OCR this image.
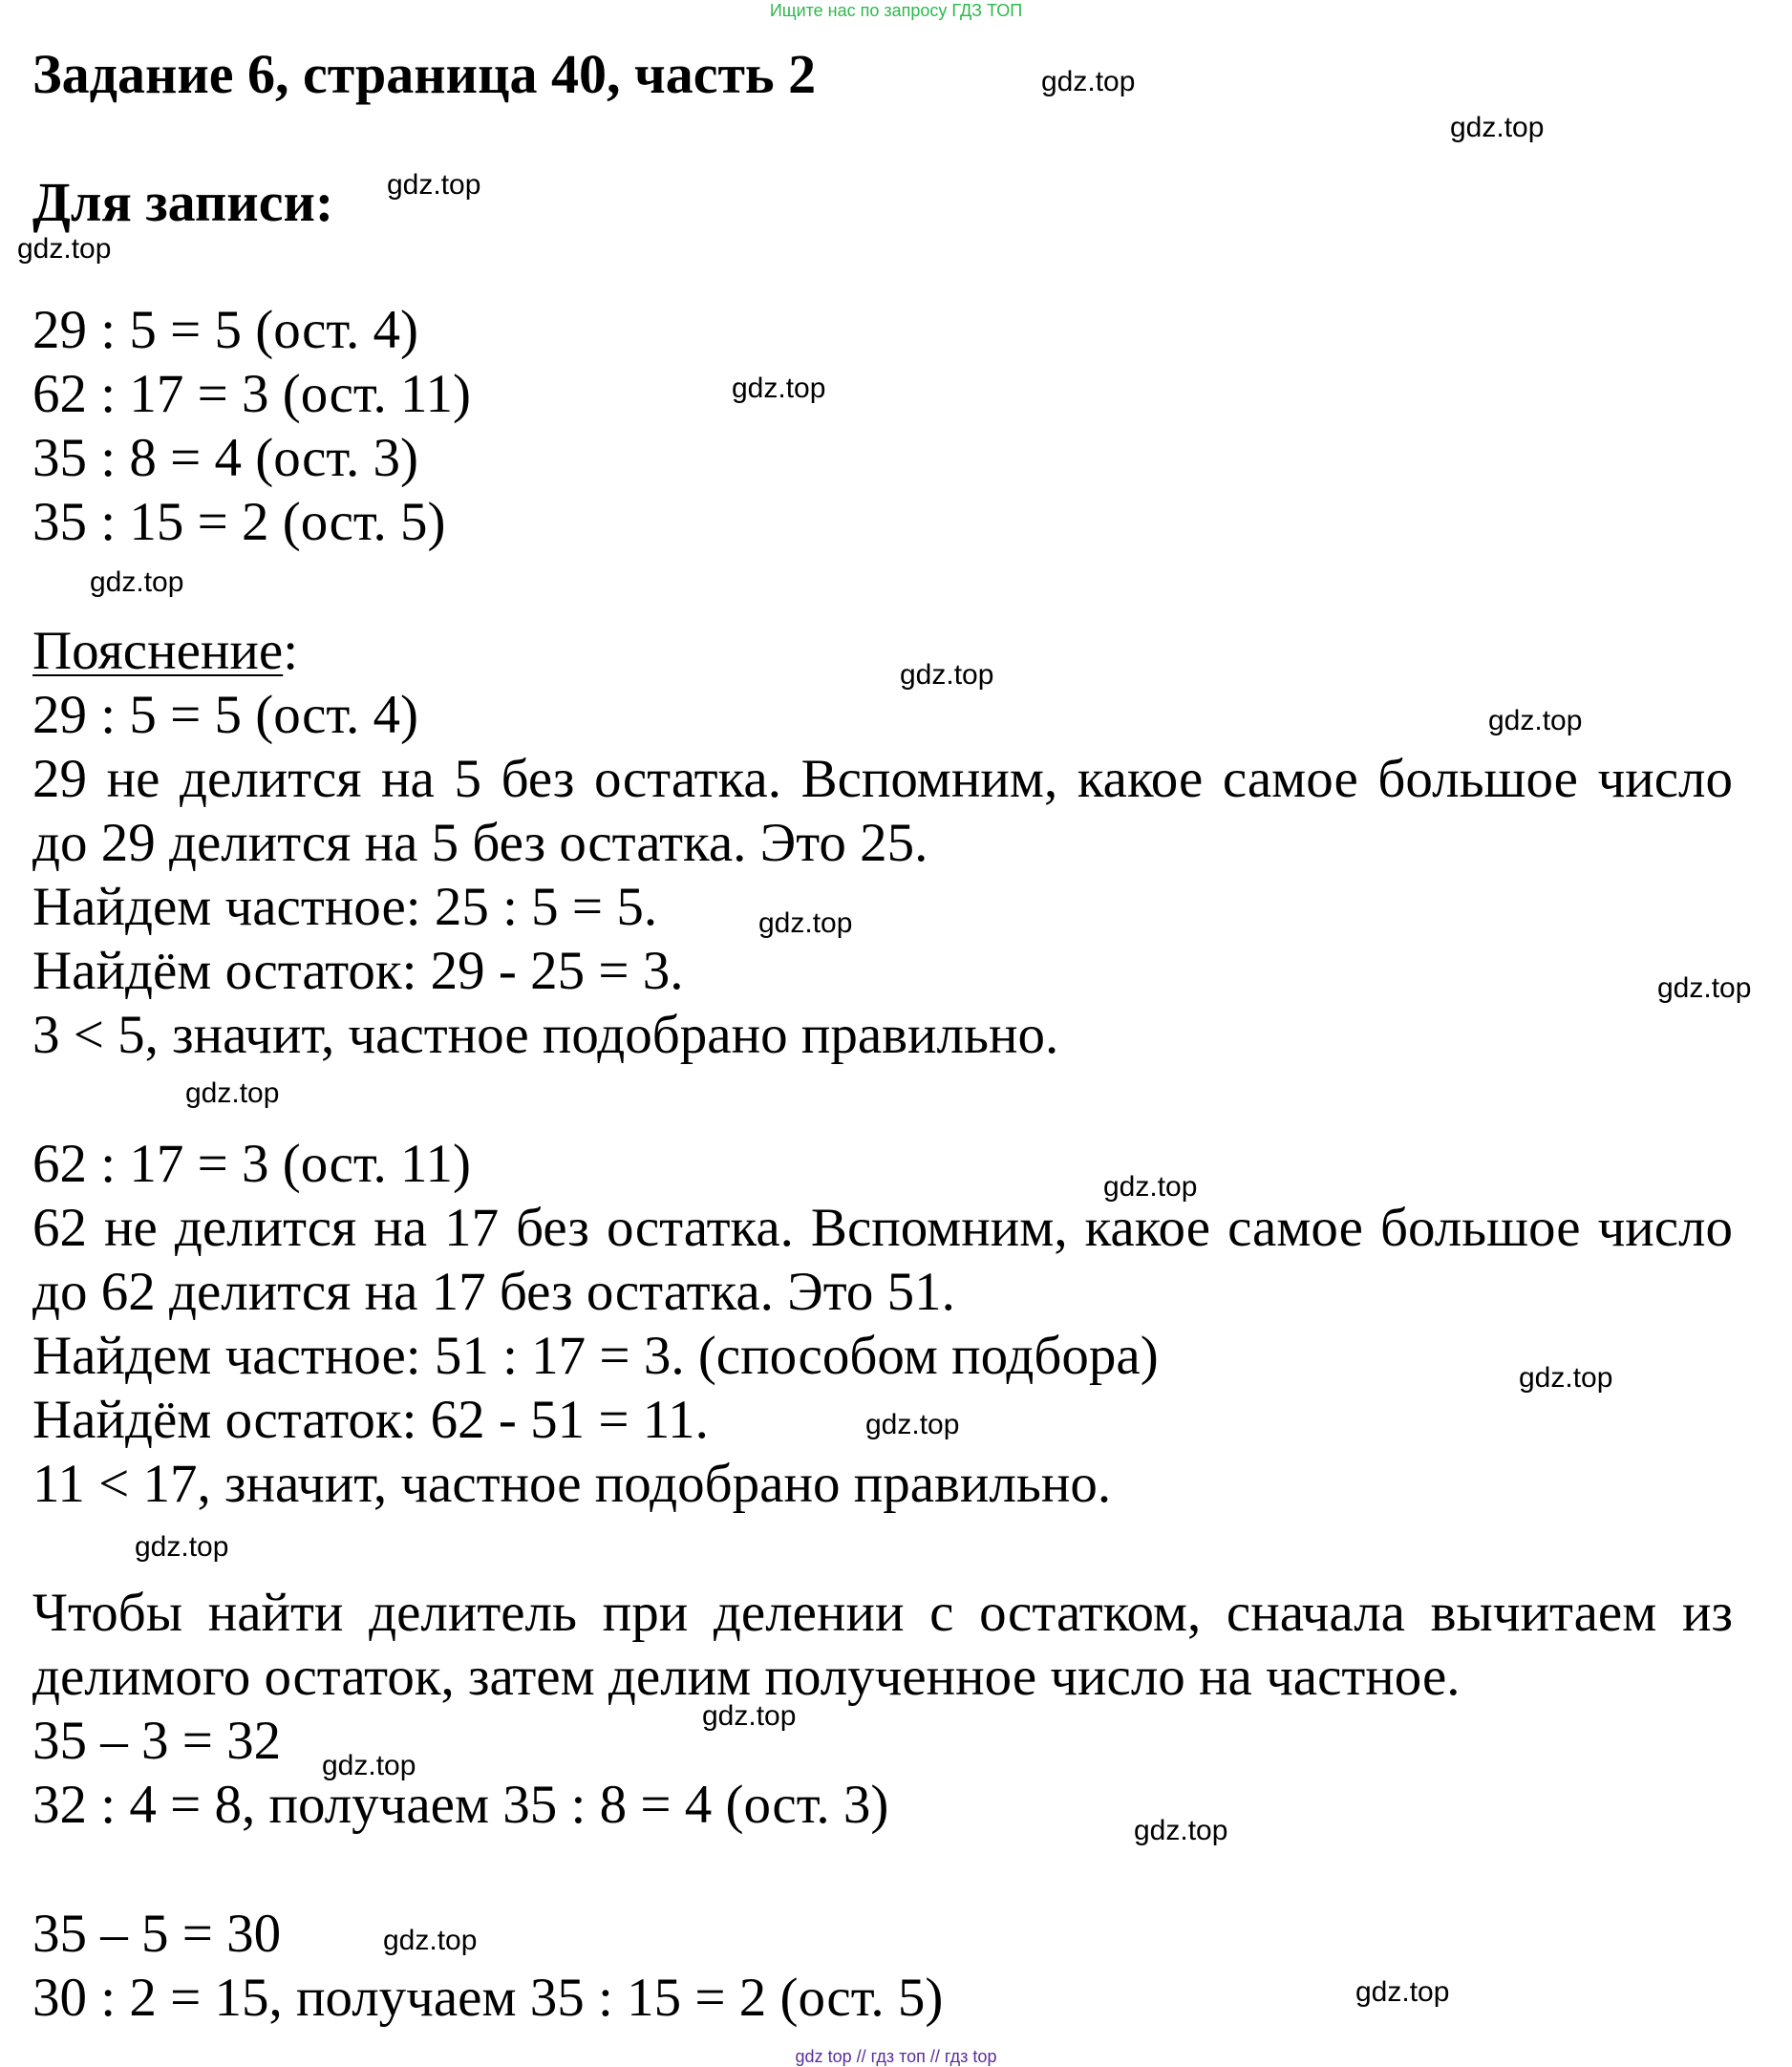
Ищите нас по запросу ГДЗ ТОП
Задание 6, страница 40, часть 2
Для записи:

29 : 5 = 5 (ост. 4)

62 : 17 = 3 (ост. 11)

35 : 8 = 4 (ост. 3)

35 : 15 = 2 (ост. 5)

Пояснение:

29 : 5 = 5 (ост. 4)

29 не делится на 5 без остатка. Вспомним, какое самое большое число

до 29 делится на 5 без остатка. Это 25.

Найдем частное: 25 : 5 = 5.

Найдём остаток: 29 - 25 = 3.

3 < 5, значит, частное подобрано правильно.

62 : 17 = 3 (ост. 11)

62 не делится на 17 без остатка. Вспомним, какое самое большое число

до 62 делится на 17 без остатка. Это 51.

Найдем частное: 51 : 17 = 3. (способом подбора)

Найдём остаток: 62 - 51 = 11.

11 < 17, значит, частное подобрано правильно.

Чтобы найти делитель при делении с остатком, сначала вычитаем из

делимого остаток, затем делим полученное число на частное.

35 – 3 = 32

32 : 4 = 8, получаем 35 : 8 = 4 (ост. 3)

35 – 5 = 30

30 : 2 = 15, получаем 35 : 15 = 2 (ост. 5)

gdz.top
gdz.top
gdz.top
gdz.top
gdz.top
gdz.top
gdz.top
gdz.top
gdz.top
gdz.top
gdz.top
gdz.top
gdz.top
gdz.top
gdz.top
gdz.top
gdz.top
gdz.top
gdz.top
gdz.top
gdz top // гдз топ // гдз top
